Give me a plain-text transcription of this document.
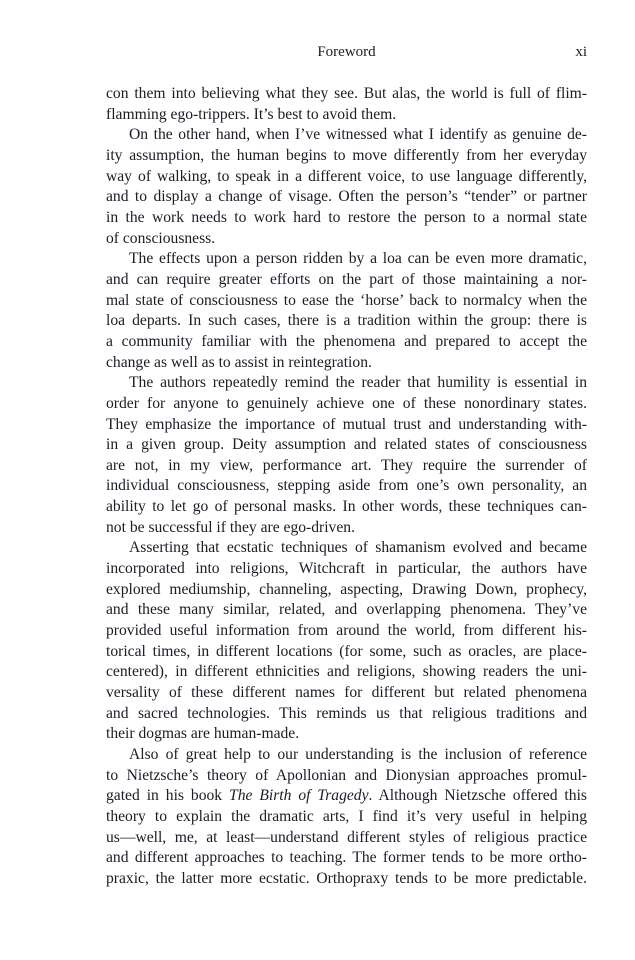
Foreword	xi
con them into believing what they see. But alas, the world is full of flim-
flamming ego-trippers. It’s best to avoid them.
On the other hand, when I’ve witnessed what I identify as genuine de-
ity assumption, the human begins to move differently from her everyday
way of walking, to speak in a different voice, to use language differently,
and to display a change of visage. Often the person’s “tender” or partner
in the work needs to work hard to restore the person to a normal state
of consciousness.
The effects upon a person ridden by a loa can be even more dramatic,
and can require greater efforts on the part of those maintaining a nor-
mal state of consciousness to ease the ‘horse’ back to normalcy when the
loa departs. In such cases, there is a tradition within the group: there is
a community familiar with the phenomena and prepared to accept the
change as well as to assist in reintegration.
The authors repeatedly remind the reader that humility is essential in
order for anyone to genuinely achieve one of these nonordinary states.
They emphasize the importance of mutual trust and understanding with-
in a given group. Deity assumption and related states of consciousness
are not, in my view, performance art. They require the surrender of
individual consciousness, stepping aside from one’s own personality, an
ability to let go of personal masks. In other words, these techniques can-
not be successful if they are ego-driven.
Asserting that ecstatic techniques of shamanism evolved and became
incorporated into religions, Witchcraft in particular, the authors have
explored mediumship, channeling, aspecting, Drawing Down, prophecy,
and these many similar, related, and overlapping phenomena. They’ve
provided useful information from around the world, from different his-
torical times, in different locations (for some, such as oracles, are place-
centered), in different ethnicities and religions, showing readers the uni-
versality of these different names for different but related phenomena
and sacred technologies. This reminds us that religious traditions and
their dogmas are human-made.
Also of great help to our understanding is the inclusion of reference
to Nietzsche’s theory of Apollonian and Dionysian approaches promul-
gated in his book The Birth of Tragedy. Although Nietzsche offered this
theory to explain the dramatic arts, I find it’s very useful in helping
us—well, me, at least—understand different styles of religious practice
and different approaches to teaching. The former tends to be more ortho-
praxic, the latter more ecstatic. Orthopraxy tends to be more predictable.
